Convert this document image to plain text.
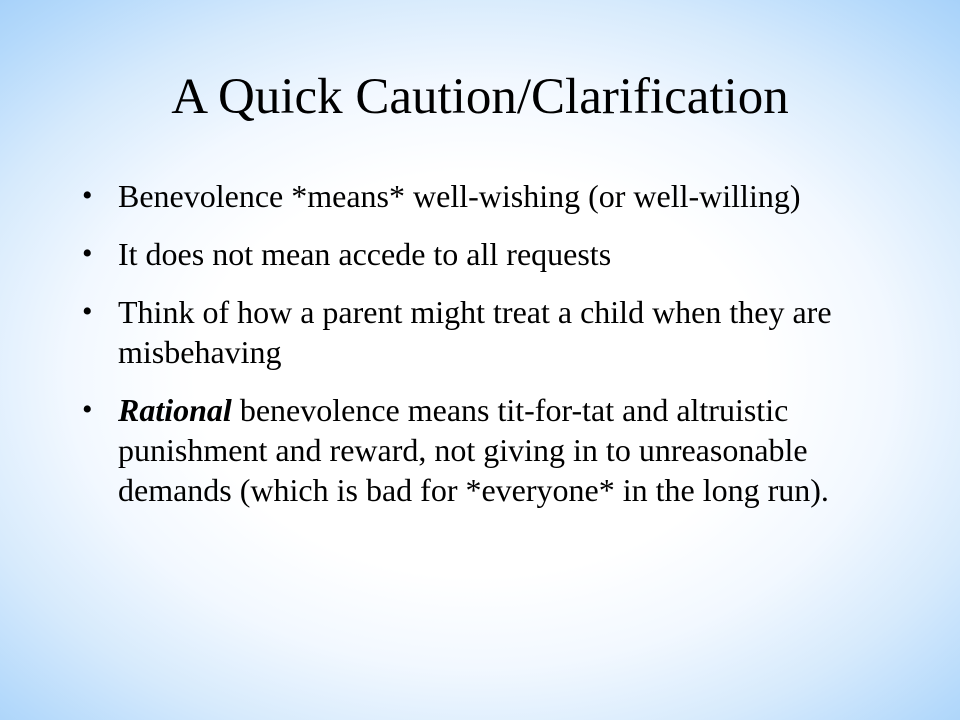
A Quick Caution/Clarification
• Benevolence *means* well-wishing (or well-willing)
• It does not mean accede to all requests
• Think of how a parent might treat a child when they are misbehaving
• Rational benevolence means tit-for-tat and altruistic punishment and reward, not giving in to unreasonable demands (which is bad for *everyone* in the long run).
